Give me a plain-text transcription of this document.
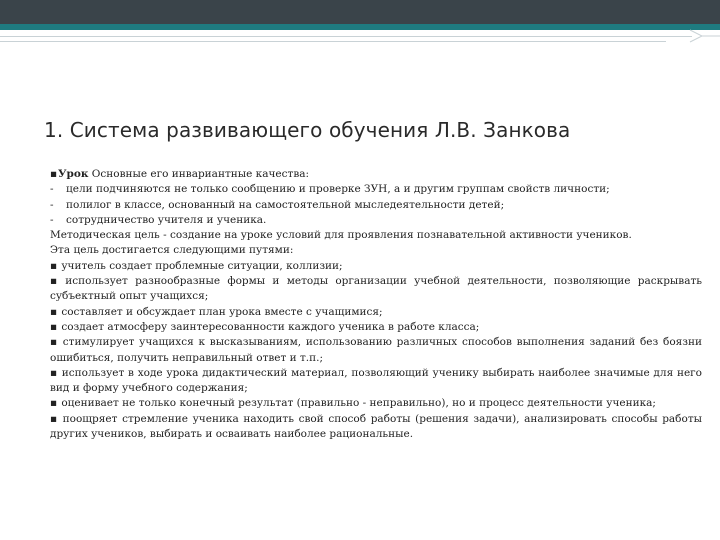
1. Система развивающего обучения Л.В. Занкова
▪Урок Основные его инвариантные качества:
- цели подчиняются не только сообщению и проверке ЗУН, а и другим группам свойств личности;
- полилог в классе, основанный на самостоятельной мыследеятельности детей;
- сотрудничество учителя и ученика.
Методическая цель - создание на уроке условий для проявления познавательной активности учеников.
Эта цель достигается следующими путями:
▪ учитель создает проблемные ситуации, коллизии;
▪ использует разнообразные формы и методы организации учебной деятельности, позволяющие раскрывать субъектный опыт учащихся;
▪ составляет и обсуждает план урока вместе с учащимися;
▪ создает атмосферу заинтересованности каждого ученика в работе класса;
▪ стимулирует учащихся к высказываниям, использованию различных способов выполнения заданий без боязни ошибиться, получить неправильный ответ и т.п.;
▪ использует в ходе урока дидактический материал, позволяющий ученику выбирать наиболее значимые для него вид и форму учебного содержания;
▪ оценивает не только конечный результат (правильно - неправильно), но и процесс деятельности ученика;
▪ поощряет стремление ученика находить свой способ работы (решения задачи), анализировать способы работы других учеников, выбирать и осваивать наиболее рациональные.
